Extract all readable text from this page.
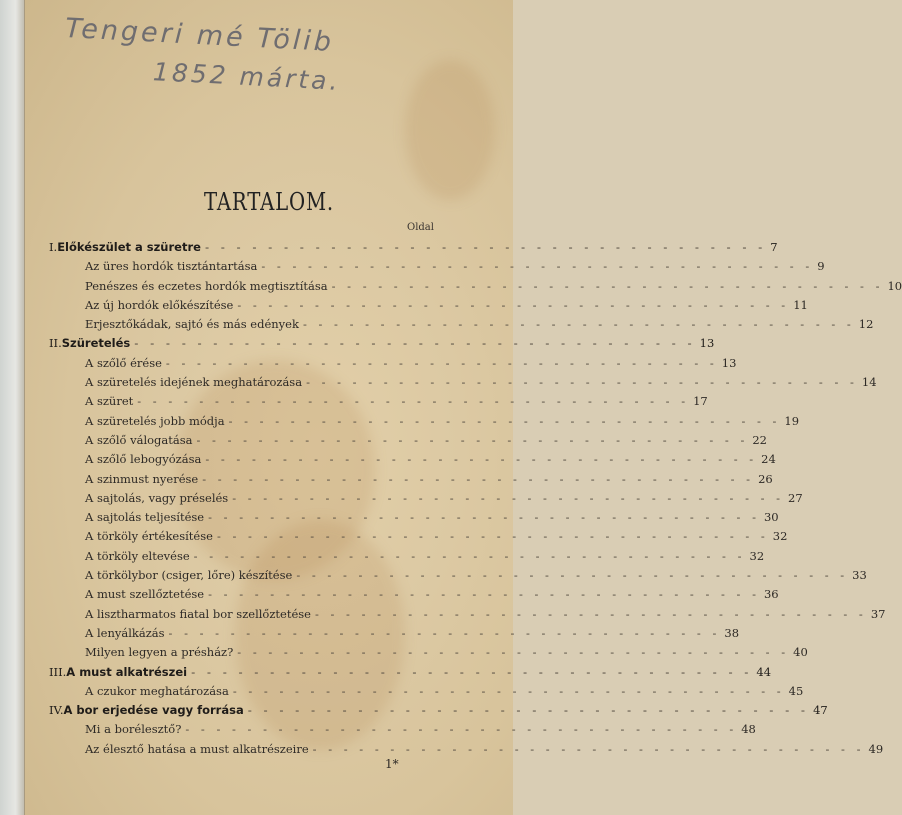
Tengeri mé Tölib
1852 márta.
TARTALOM.
Oldal
I. Előkészület a szüretre - - -	7
Az üres hordók tisztántartása - - -	9
Penészes és eczetes hordók megtisztítása - - -	10
Az új hordók előkészítése - - -	11
Erjesztőkádak, sajtó és más edények - - -	12
II. Szüretelés - - -	13
A szőlő érése - - -	13
A szüretelés idejének meghatározása - - -	14
A szüret - - -	17
A szüretelés jobb módja - - -	19
A szőlő válogatása - - -	22
A szőlő lebogyózása - - -	24
A szinmust nyerése - - -	26
A sajtolás, vagy préselés - - -	27
A sajtolás teljesítése - - -	30
A törköly értékesítése - - -	32
A törköly eltevése - - -	32
A törkölybor (csiger, lőre) készítése - - -	33
A must szellőztetése - - -	36
A lisztharmatos fiatal bor szellőztetése - - -	37
A lenyálkázás - - -	38
Milyen legyen a présház? - - -	40
III. A must alkatrészei - - -	44
A czukor meghatározása - - -	45
IV. A bor erjedése vagy forrása - - -	47
Mi a borélesztő? - - -	48
Az élesztő hatása a must alkatrészeire - - -	49
1*
